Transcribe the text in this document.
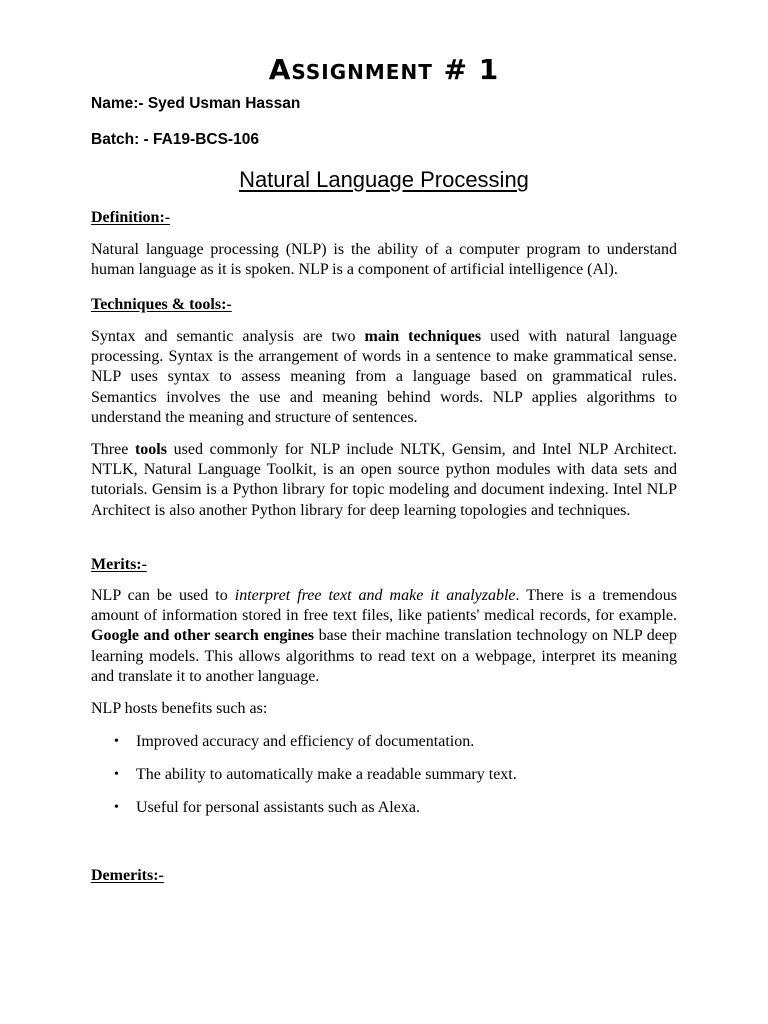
Assignment # 1
Name:- Syed Usman Hassan
Batch: - FA19-BCS-106
Natural Language Processing
Definition:-

Natural language processing (NLP) is the ability of a computer program to understand human language as it is spoken. NLP is a component of artificial intelligence (Al).

Techniques & tools:-

Syntax and semantic analysis are two main techniques used with natural language processing. Syntax is the arrangement of words in a sentence to make grammatical sense. NLP uses syntax to assess meaning from a language based on grammatical rules. Semantics involves the use and meaning behind words. NLP applies algorithms to understand the meaning and structure of sentences.

Three tools used commonly for NLP include NLTK, Gensim, and Intel NLP Architect. NTLK, Natural Language Toolkit, is an open source python modules with data sets and tutorials. Gensim is a Python library for topic modeling and document indexing. Intel NLP Architect is also another Python library for deep learning topologies and techniques.

Merits:-

NLP can be used to interpret free text and make it analyzable. There is a tremendous amount of information stored in free text files, like patients' medical records, for example. Google and other search engines base their machine translation technology on NLP deep learning models. This allows algorithms to read text on a webpage, interpret its meaning and translate it to another language.

NLP hosts benefits such as:

• Improved accuracy and efficiency of documentation.
• The ability to automatically make a readable summary text.
• Useful for personal assistants such as Alexa.
Demerits:-
